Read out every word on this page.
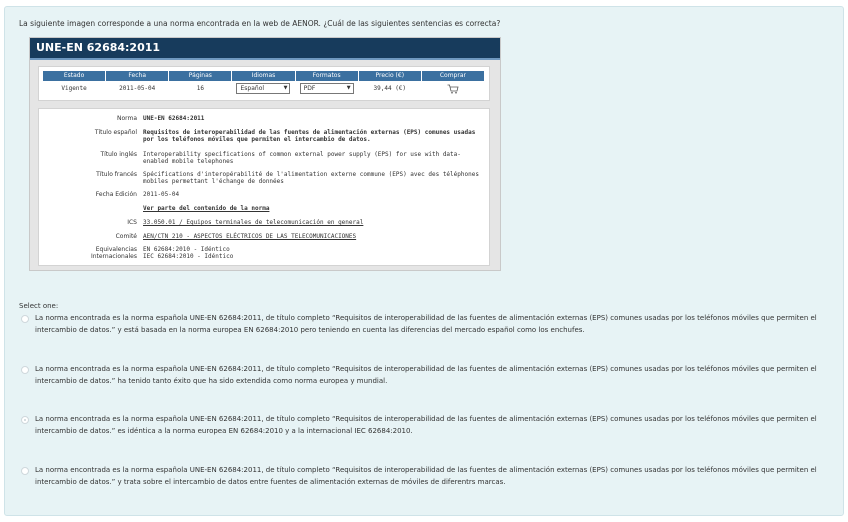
La siguiente imagen corresponde a una norma encontrada en la web de AENOR. ¿Cuál de las siguientes sentencias es correcta?
UNE-EN 62684:2011
Estado	Fecha	Páginas	Idiomas	Formatos	Precio (€)	Comprar
Vigente	2011-05-04	16	Español	▼	PDF	▼	39,44 (€)
Norma UNE-EN 62684:2011
Título español Requisitos de interoperabilidad de las fuentes de alimentación externas (EPS) comunes usadas por los teléfonos móviles que permiten el intercambio de datos.
Título inglés Interoperability specifications of common external power supply (EPS) for use with data-enabled mobile telephones
Título francés Spécifications d'interopérabilité de l'alimentation externe commune (EPS) avec des téléphones mobiles permettant l'échange de données
Fecha Edición 2011-05-04
Ver parte del contenido de la norma
ICS 33.050.01 / Equipos terminales de telecomunicación en general
Comité AEN/CTN 210 - ASPECTOS ELÉCTRICOS DE LAS TELECOMUNICACIONES
Equivalencias EN 62684:2010 - Idéntico
Internacionales IEC 62684:2010 - Idéntico
Select one:
La norma encontrada es la norma española UNE-EN 62684:2011, de título completo “Requisitos de interoperabilidad de las fuentes de alimentación externas (EPS) comunes usadas por los teléfonos móviles que permiten el intercambio de datos.” y está basada en la norma europea EN 62684:2010 pero teniendo en cuenta las diferencias del mercado español como los enchufes.
La norma encontrada es la norma española UNE-EN 62684:2011, de título completo “Requisitos de interoperabilidad de las fuentes de alimentación externas (EPS) comunes usadas por los teléfonos móviles que permiten el intercambio de datos.” ha tenido tanto éxito que ha sido extendida como norma europea y mundial.
La norma encontrada es la norma española UNE-EN 62684:2011, de título completo “Requisitos de interoperabilidad de las fuentes de alimentación externas (EPS) comunes usadas por los teléfonos móviles que permiten el intercambio de datos.” es idéntica a la norma europea EN 62684:2010 y a la internacional IEC 62684:2010.
La norma encontrada es la norma española UNE-EN 62684:2011, de título completo “Requisitos de interoperabilidad de las fuentes de alimentación externas (EPS) comunes usadas por los teléfonos móviles que permiten el intercambio de datos.” y trata sobre el intercambio de datos entre fuentes de alimentación externas de móviles de diferentrs marcas.
